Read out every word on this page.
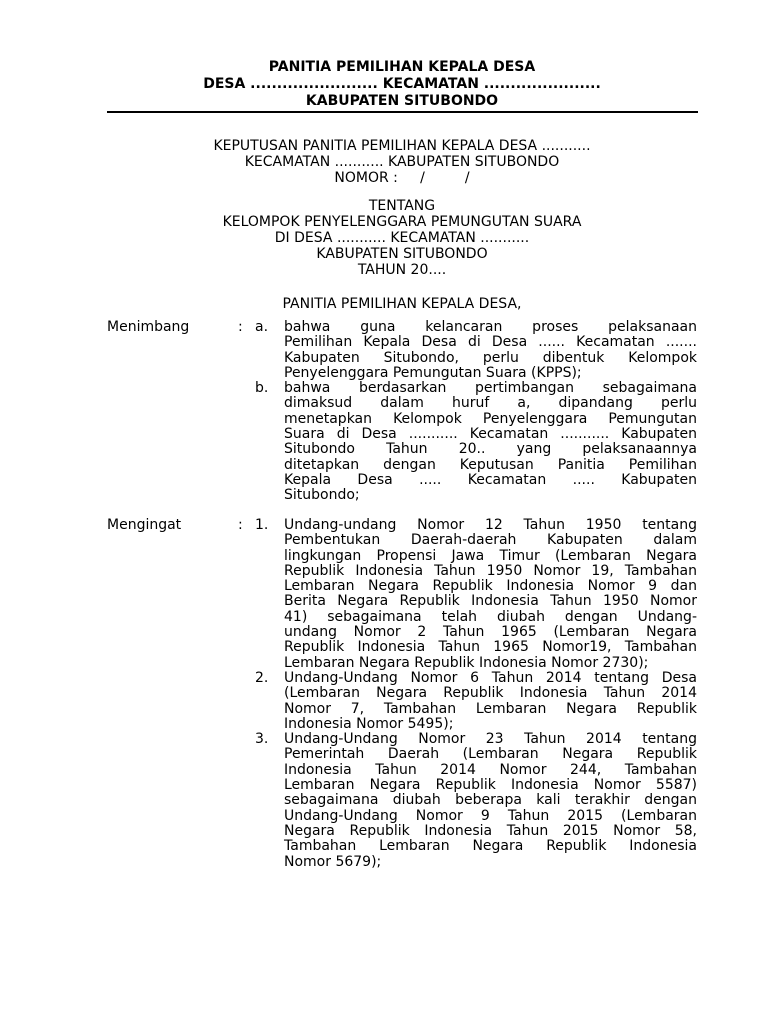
PANITIA PEMILIHAN KEPALA DESA
DESA ........................ KECAMATAN ......................
KABUPATEN SITUBONDO
KEPUTUSAN PANITIA PEMILIHAN KEPALA DESA ...........
KECAMATAN ........... KABUPATEN SITUBONDO
NOMOR :     /         /
TENTANG
KELOMPOK PENYELENGGARA PEMUNGUTAN SUARA
DI DESA ........... KECAMATAN ...........
KABUPATEN SITUBONDO
TAHUN 20....
PANITIA PEMILIHAN KEPALA DESA,
Menimbang	: a. bahwa guna kelancaran proses pelaksanaan
Pemilihan Kepala Desa di Desa ...... Kecamatan .......
Kabupaten Situbondo, perlu dibentuk Kelompok
Penyelenggara Pemungutan Suara (KPPS);
b. bahwa berdasarkan pertimbangan sebagaimana
dimaksud dalam huruf a, dipandang perlu
menetapkan Kelompok Penyelenggara Pemungutan
Suara di Desa ........... Kecamatan ........... Kabupaten
Situbondo Tahun 20.. yang pelaksanaannya
ditetapkan dengan Keputusan Panitia Pemilihan
Kepala Desa ..... Kecamatan ..... Kabupaten
Situbondo;
Mengingat	: 1. Undang-undang Nomor 12 Tahun 1950 tentang
Pembentukan Daerah-daerah Kabupaten dalam
lingkungan Propensi Jawa Timur (Lembaran Negara
Republik Indonesia Tahun 1950 Nomor 19, Tambahan
Lembaran Negara Republik Indonesia Nomor 9 dan
Berita Negara Republik Indonesia Tahun 1950 Nomor
41) sebagaimana telah diubah dengan Undang-
undang Nomor 2 Tahun 1965 (Lembaran Negara
Republik Indonesia Tahun 1965 Nomor19, Tambahan
Lembaran Negara Republik Indonesia Nomor 2730);
2. Undang-Undang Nomor 6 Tahun 2014 tentang Desa
(Lembaran Negara Republik Indonesia Tahun 2014
Nomor 7, Tambahan Lembaran Negara Republik
Indonesia Nomor 5495);
3. Undang-Undang Nomor 23 Tahun 2014 tentang
Pemerintah Daerah (Lembaran Negara Republik
Indonesia Tahun 2014 Nomor 244, Tambahan
Lembaran Negara Republik Indonesia Nomor 5587)
sebagaimana diubah beberapa kali terakhir dengan
Undang-Undang Nomor 9 Tahun 2015 (Lembaran
Negara Republik Indonesia Tahun 2015 Nomor 58,
Tambahan Lembaran Negara Republik Indonesia
Nomor 5679);
